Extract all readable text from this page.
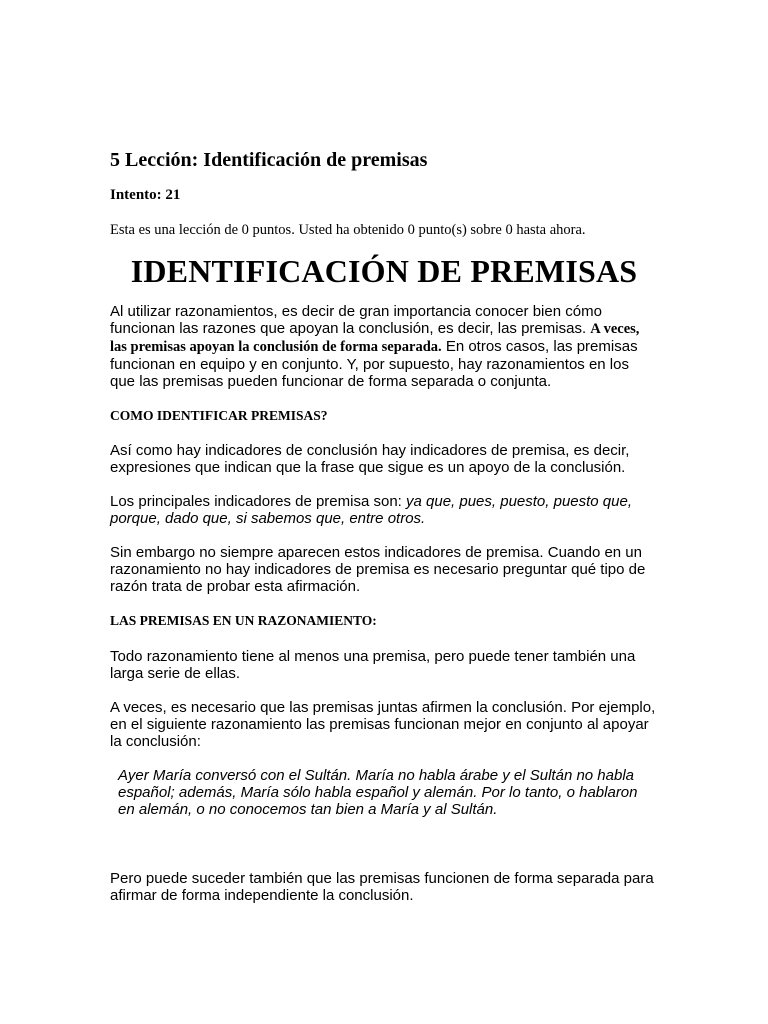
5 Lección: Identificación de premisas
Intento: 21
Esta es una lección de 0 puntos. Usted ha obtenido 0 punto(s) sobre 0 hasta ahora.
IDENTIFICACIÓN DE PREMISAS

Al utilizar razonamientos, es decir de gran importancia conocer bien cómo funcionan las razones que apoyan la conclusión, es decir, las premisas. A veces, las premisas apoyan la conclusión de forma separada. En otros casos, las premisas funcionan en equipo y en conjunto. Y, por supuesto, hay razonamientos en los que las premisas pueden funcionar de forma separada o conjunta.

COMO IDENTIFICAR PREMISAS?

Así como hay indicadores de conclusión hay indicadores de premisa, es decir, expresiones que indican que la frase que sigue es un apoyo de la conclusión.

Los principales indicadores de premisa son: ya que, pues, puesto, puesto que, porque, dado que, si sabemos que, entre otros.

Sin embargo no siempre aparecen estos indicadores de premisa. Cuando en un razonamiento no hay indicadores de premisa es necesario preguntar qué tipo de razón trata de probar esta afirmación.

LAS PREMISAS EN UN RAZONAMIENTO:

Todo razonamiento tiene al menos una premisa, pero puede tener también una larga serie de ellas.

A veces, es necesario que las premisas juntas afirmen la conclusión. Por ejemplo, en el siguiente razonamiento las premisas funcionan mejor en conjunto al apoyar la conclusión:

Ayer María conversó con el Sultán. María no habla árabe y el Sultán no habla español; además, María sólo habla español y alemán. Por lo tanto, o hablaron en alemán, o no conocemos tan bien a María y al Sultán.

Pero puede suceder también que las premisas funcionen de forma separada para afirmar de forma independiente la conclusión.
